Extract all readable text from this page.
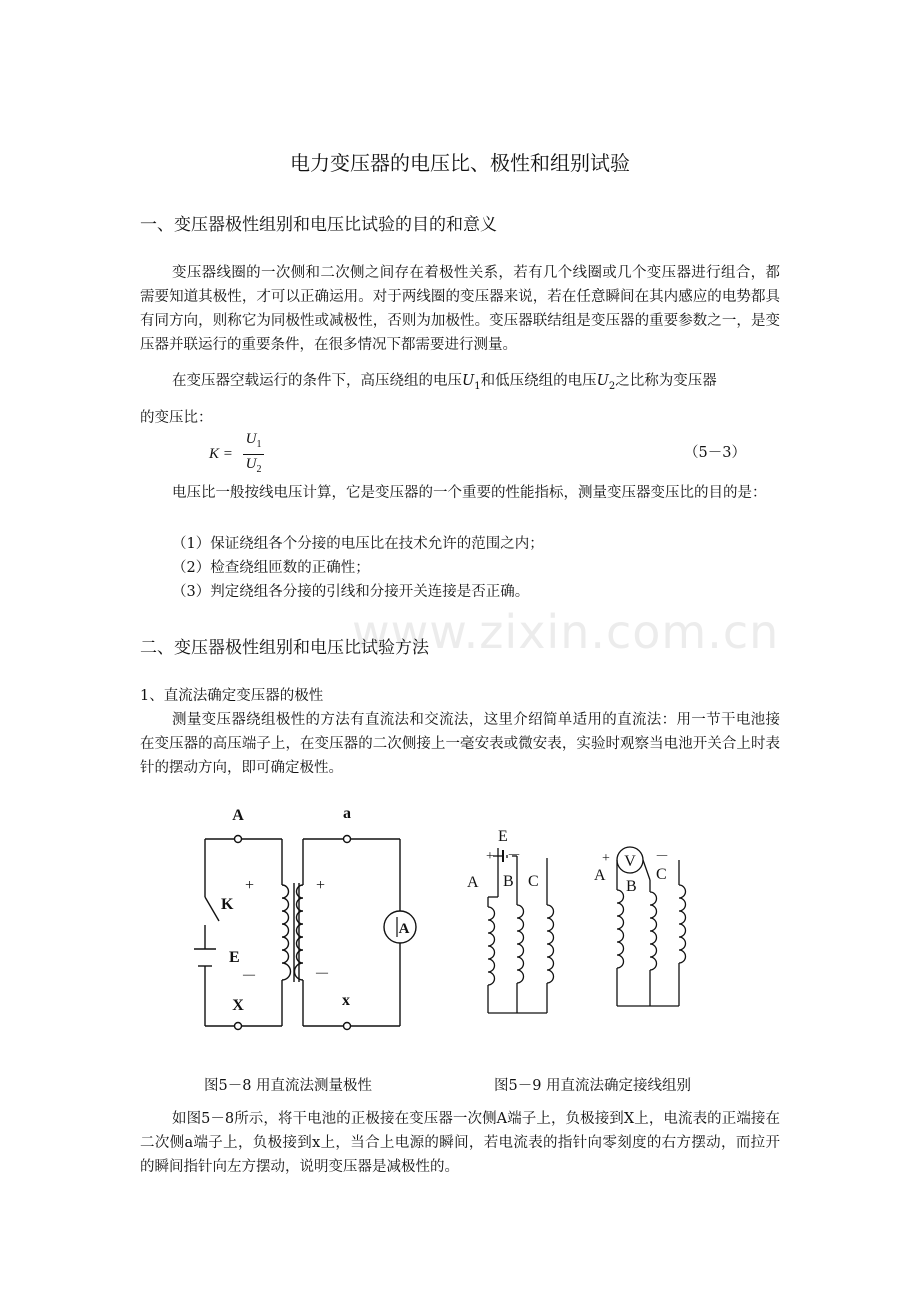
电力变压器的电压比、极性和组别试验
一、变压器极性组别和电压比试验的目的和意义
变压器线圈的一次侧和二次侧之间存在着极性关系，若有几个线圈或几个变压器进行组合，都需要知道其极性，才可以正确运用。对于两线圈的变压器来说，若在任意瞬间在其内感应的电势都具有同方向，则称它为同极性或减极性，否则为加极性。变压器联结组是变压器的重要参数之一，是变压器并联运行的重要条件，在很多情况下都需要进行测量。
在变压器空载运行的条件下，高压绕组的电压$U_1$和低压绕组的电压$U_2$之比称为变压器
的变压比：
$K = \frac{U_1}{U_2}$	（5－3）
电压比一般按线电压计算，它是变压器的一个重要的性能指标，测量变压器变压比的目的是：
（1）保证绕组各个分接的电压比在技术允许的范围之内；
（2）检查绕组匝数的正确性；
（3）判定绕组各分接的引线和分接开关连接是否正确。
www.zixin.com.cn
二、变压器极性组别和电压比试验方法
1、直流法确定变压器的极性
测量变压器绕组极性的方法有直流法和交流法，这里介绍简单适用的直流法：用一节干电池接在变压器的高压端子上，在变压器的二次侧接上一毫安表或微安表，实验时观察当电池开关合上时表针的摆动方向，即可确定极性。
A	a
K
E
X	x
+
－
+
－
A
E
+ －
A B C
V
+	－
A
B
C
图5－8 用直流法测量极性	图5－9 用直流法确定接线组别
如图5－8所示，将干电池的正极接在变压器一次侧A端子上，负极接到X上，电流表的正端接在二次侧a端子上，负极接到x上，当合上电源的瞬间，若电流表的指针向零刻度的右方摆动，而拉开的瞬间指针向左方摆动，说明变压器是减极性的。
